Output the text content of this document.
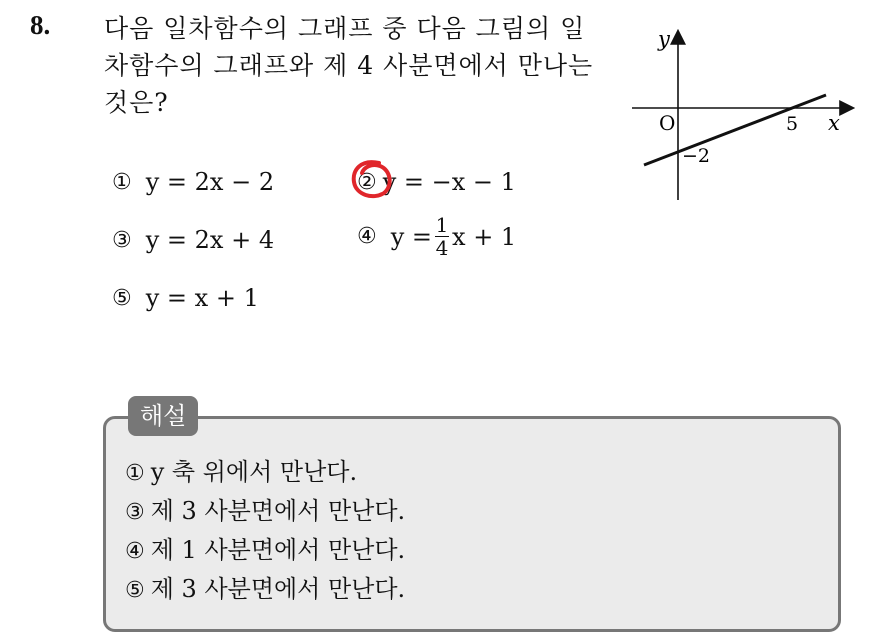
8. 다음 일차함수의 그래프 중 다음 그림의 일
차함수의 그래프와 제 4 사분면에서 만나는
것은?
y
x
O	5
−2
① y = 2x − 2	② y = −x − 1
③ y = 2x + 4	④ $y = \frac{1}{4}$ x + 1
⑤ y = x + 1
해설
① y 축 위에서 만난다.
③ 제 3 사분면에서 만난다.
④ 제 1 사분면에서 만난다.
⑤ 제 3 사분면에서 만난다.
